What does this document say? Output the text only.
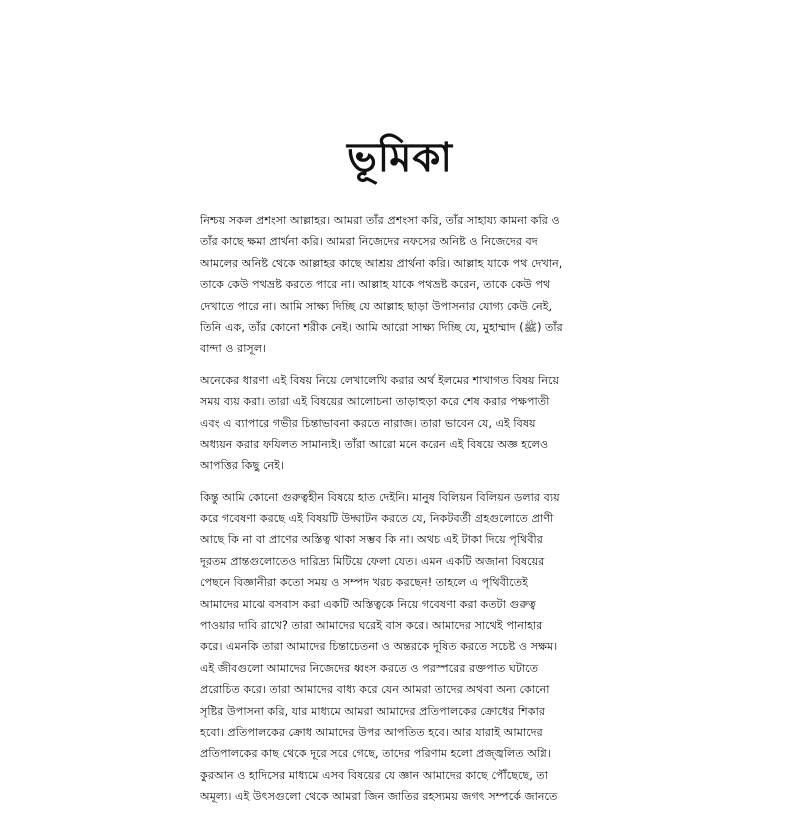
ভূমিকা
নিশ্চয় সকল প্রশংসা আল্লাহর। আমরা তাঁর প্রশংসা করি, তাঁর সাহায্য কামনা করি ও
তাঁর কাছে ক্ষমা প্রার্থনা করি। আমরা নিজেদের নফসের অনিষ্ট ও নিজেদের বদ
আমলের অনিষ্ট থেকে আল্লাহর কাছে আশ্রয় প্রার্থনা করি। আল্লাহ যাকে পথ দেখান,
তাকে কেউ পথভ্রষ্ট করতে পারে না। আল্লাহ যাকে পথভ্রষ্ট করেন, তাকে কেউ পথ
দেখাতে পারে না। আমি সাক্ষ্য দিচ্ছি যে আল্লাহ ছাড়া উপাসনার যোগ্য কেউ নেই,
তিনি এক, তাঁর কোনো শরীক নেই। আমি আরো সাক্ষ্য দিচ্ছি যে, মুহাম্মাদ (ﷺ) তাঁর
বান্দা ও রাসূল।
অনেকের ধারণা এই বিষয় নিয়ে লেখালেখি করার অর্থ ইলমের শাখাগত বিষয় নিয়ে
সময় ব্যয় করা। তারা এই বিষয়ের আলোচনা তাড়াহুড়া করে শেষ করার পক্ষপাতী
এবং এ ব্যাপারে গভীর চিন্তাভাবনা করতে নারাজ। তারা ভাবেন যে, এই বিষয়
অধ্যয়ন করার ফযিলত সামান্যই। তাঁরা আরো মনে করেন এই বিষয়ে অজ্ঞ হলেও
আপত্তির কিছু নেই।
কিন্তু আমি কোনো গুরুত্বহীন বিষয়ে হাত দেইনি। মানুষ বিলিয়ন বিলিয়ন ডলার ব্যয়
করে গবেষণা করছে এই বিষয়টি উদ্ঘাটন করতে যে, নিকটবর্তী গ্রহগুলোতে প্রাণী
আছে কি না বা প্রাণের অস্তিত্ব থাকা সম্ভব কি না। অথচ এই টাকা দিয়ে পৃথিবীর
দূরতম প্রান্তগুলোতেও দারিদ্র্য মিটিয়ে ফেলা যেত। এমন একটি অজানা বিষয়ের
পেছনে বিজ্ঞানীরা কতো সময় ও সম্পদ খরচ করছেন! তাহলে এ পৃথিবীতেই
আমাদের মাঝে বসবাস করা একটি অস্তিত্বকে নিয়ে গবেষণা করা কতটা গুরুত্ব
পাওয়ার দাবি রাখে? তারা আমাদের ঘরেই বাস করে। আমাদের সাথেই পানাহার
করে। এমনকি তারা আমাদের চিন্তাচেতনা ও অন্তরকে দূষিত করতে সচেষ্ট ও সক্ষম।
এই জীবগুলো আমাদের নিজেদের ধ্বংস করতে ও পরস্পরের রক্তপাত ঘটাতে
প্ররোচিত করে। তারা আমাদের বাধ্য করে যেন আমরা তাদের অথবা অন্য কোনো
সৃষ্টির উপাসনা করি, যার মাধ্যমে আমরা আমাদের প্রতিপালকের ক্রোধের শিকার
হবো। প্রতিপালকের ক্রোধ আমাদের উপর আপতিত হবে। আর যারাই আমাদের
প্রতিপালকের কাছ থেকে দূরে সরে গেছে, তাদের পরিণাম হলো প্রজ্জ্বলিত অগ্নি।
কুরআন ও হাদিসের মাধ্যমে এসব বিষয়ের যে জ্ঞান আমাদের কাছে পৌঁছেছে, তা
অমূল্য। এই উৎসগুলো থেকে আমরা জিন জাতির রহস্যময় জগৎ সম্পর্কে জানতে
